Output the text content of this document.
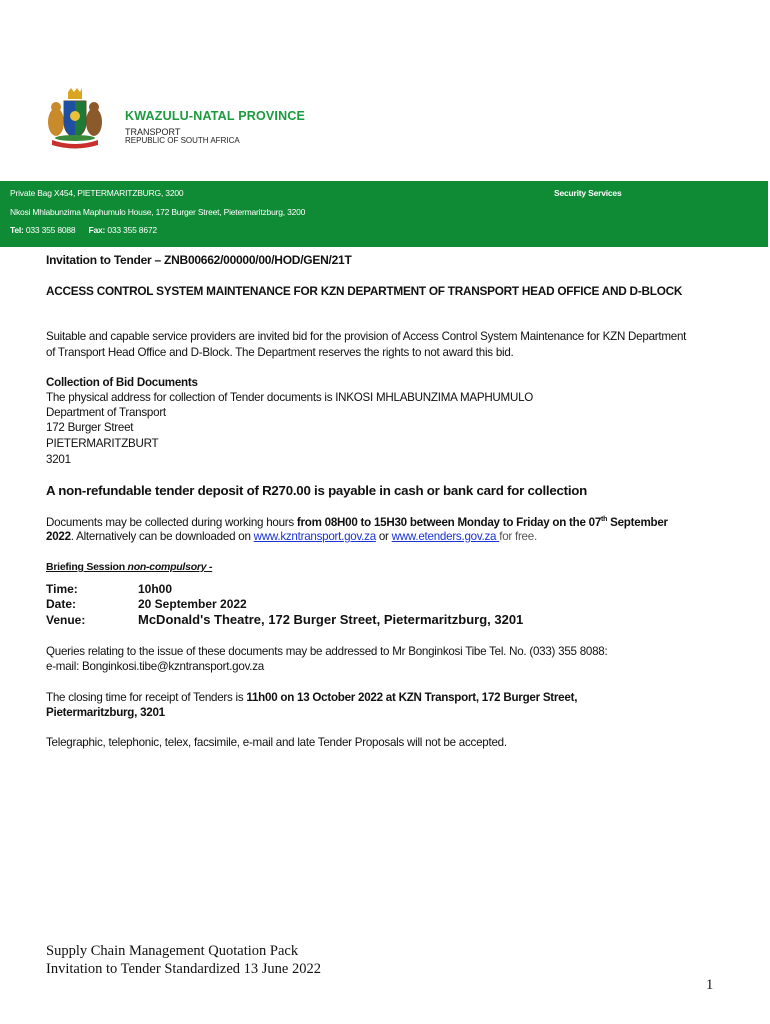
KWAZULU-NATAL PROVINCE
TRANSPORT
REPUBLIC OF SOUTH AFRICA
Private Bag X454, PIETERMARITZBURG, 3200	Security Services
Nkosi Mhlabunzima Maphumulo House, 172 Burger Street, Pietermaritzburg, 3200
Tel: 033 355 8088 Fax: 033 355 8672
Invitation to Tender – ZNB00662/00000/00/HOD/GEN/21T
ACCESS CONTROL SYSTEM MAINTENANCE FOR KZN DEPARTMENT OF TRANSPORT HEAD OFFICE AND D-BLOCK
Suitable and capable service providers are invited bid for the provision of Access Control System Maintenance for KZN Department
of Transport Head Office and D-Block. The Department reserves the rights to not award this bid.
Collection of Bid Documents
The physical address for collection of Tender documents is INKOSI MHLABUNZIMA MAPHUMULO
Department of Transport
172 Burger Street
PIETERMARITZBURT
3201
A non-refundable tender deposit of R270.00 is payable in cash or bank card for collection
Documents may be collected during working hours from 08H00 to 15H30 between Monday to Friday on the 07th September
2022. Alternatively can be downloaded on www.kzntransport.gov.za or www.etenders.gov.za for free.
Briefing Session non-compulsory -
Time:	10h00
Date:	20 September 2022
Venue:	McDonald's Theatre, 172 Burger Street, Pietermaritzburg, 3201
Queries relating to the issue of these documents may be addressed to Mr Bonginkosi Tibe Tel. No. (033) 355 8088:
e-mail: Bonginkosi.tibe@kzntransport.gov.za
The closing time for receipt of Tenders is 11h00 on 13 October 2022 at KZN Transport, 172 Burger Street,
Pietermaritzburg, 3201
Telegraphic, telephonic, telex, facsimile, e-mail and late Tender Proposals will not be accepted.
Supply Chain Management Quotation Pack
Invitation to Tender Standardized 13 June 2022
1
